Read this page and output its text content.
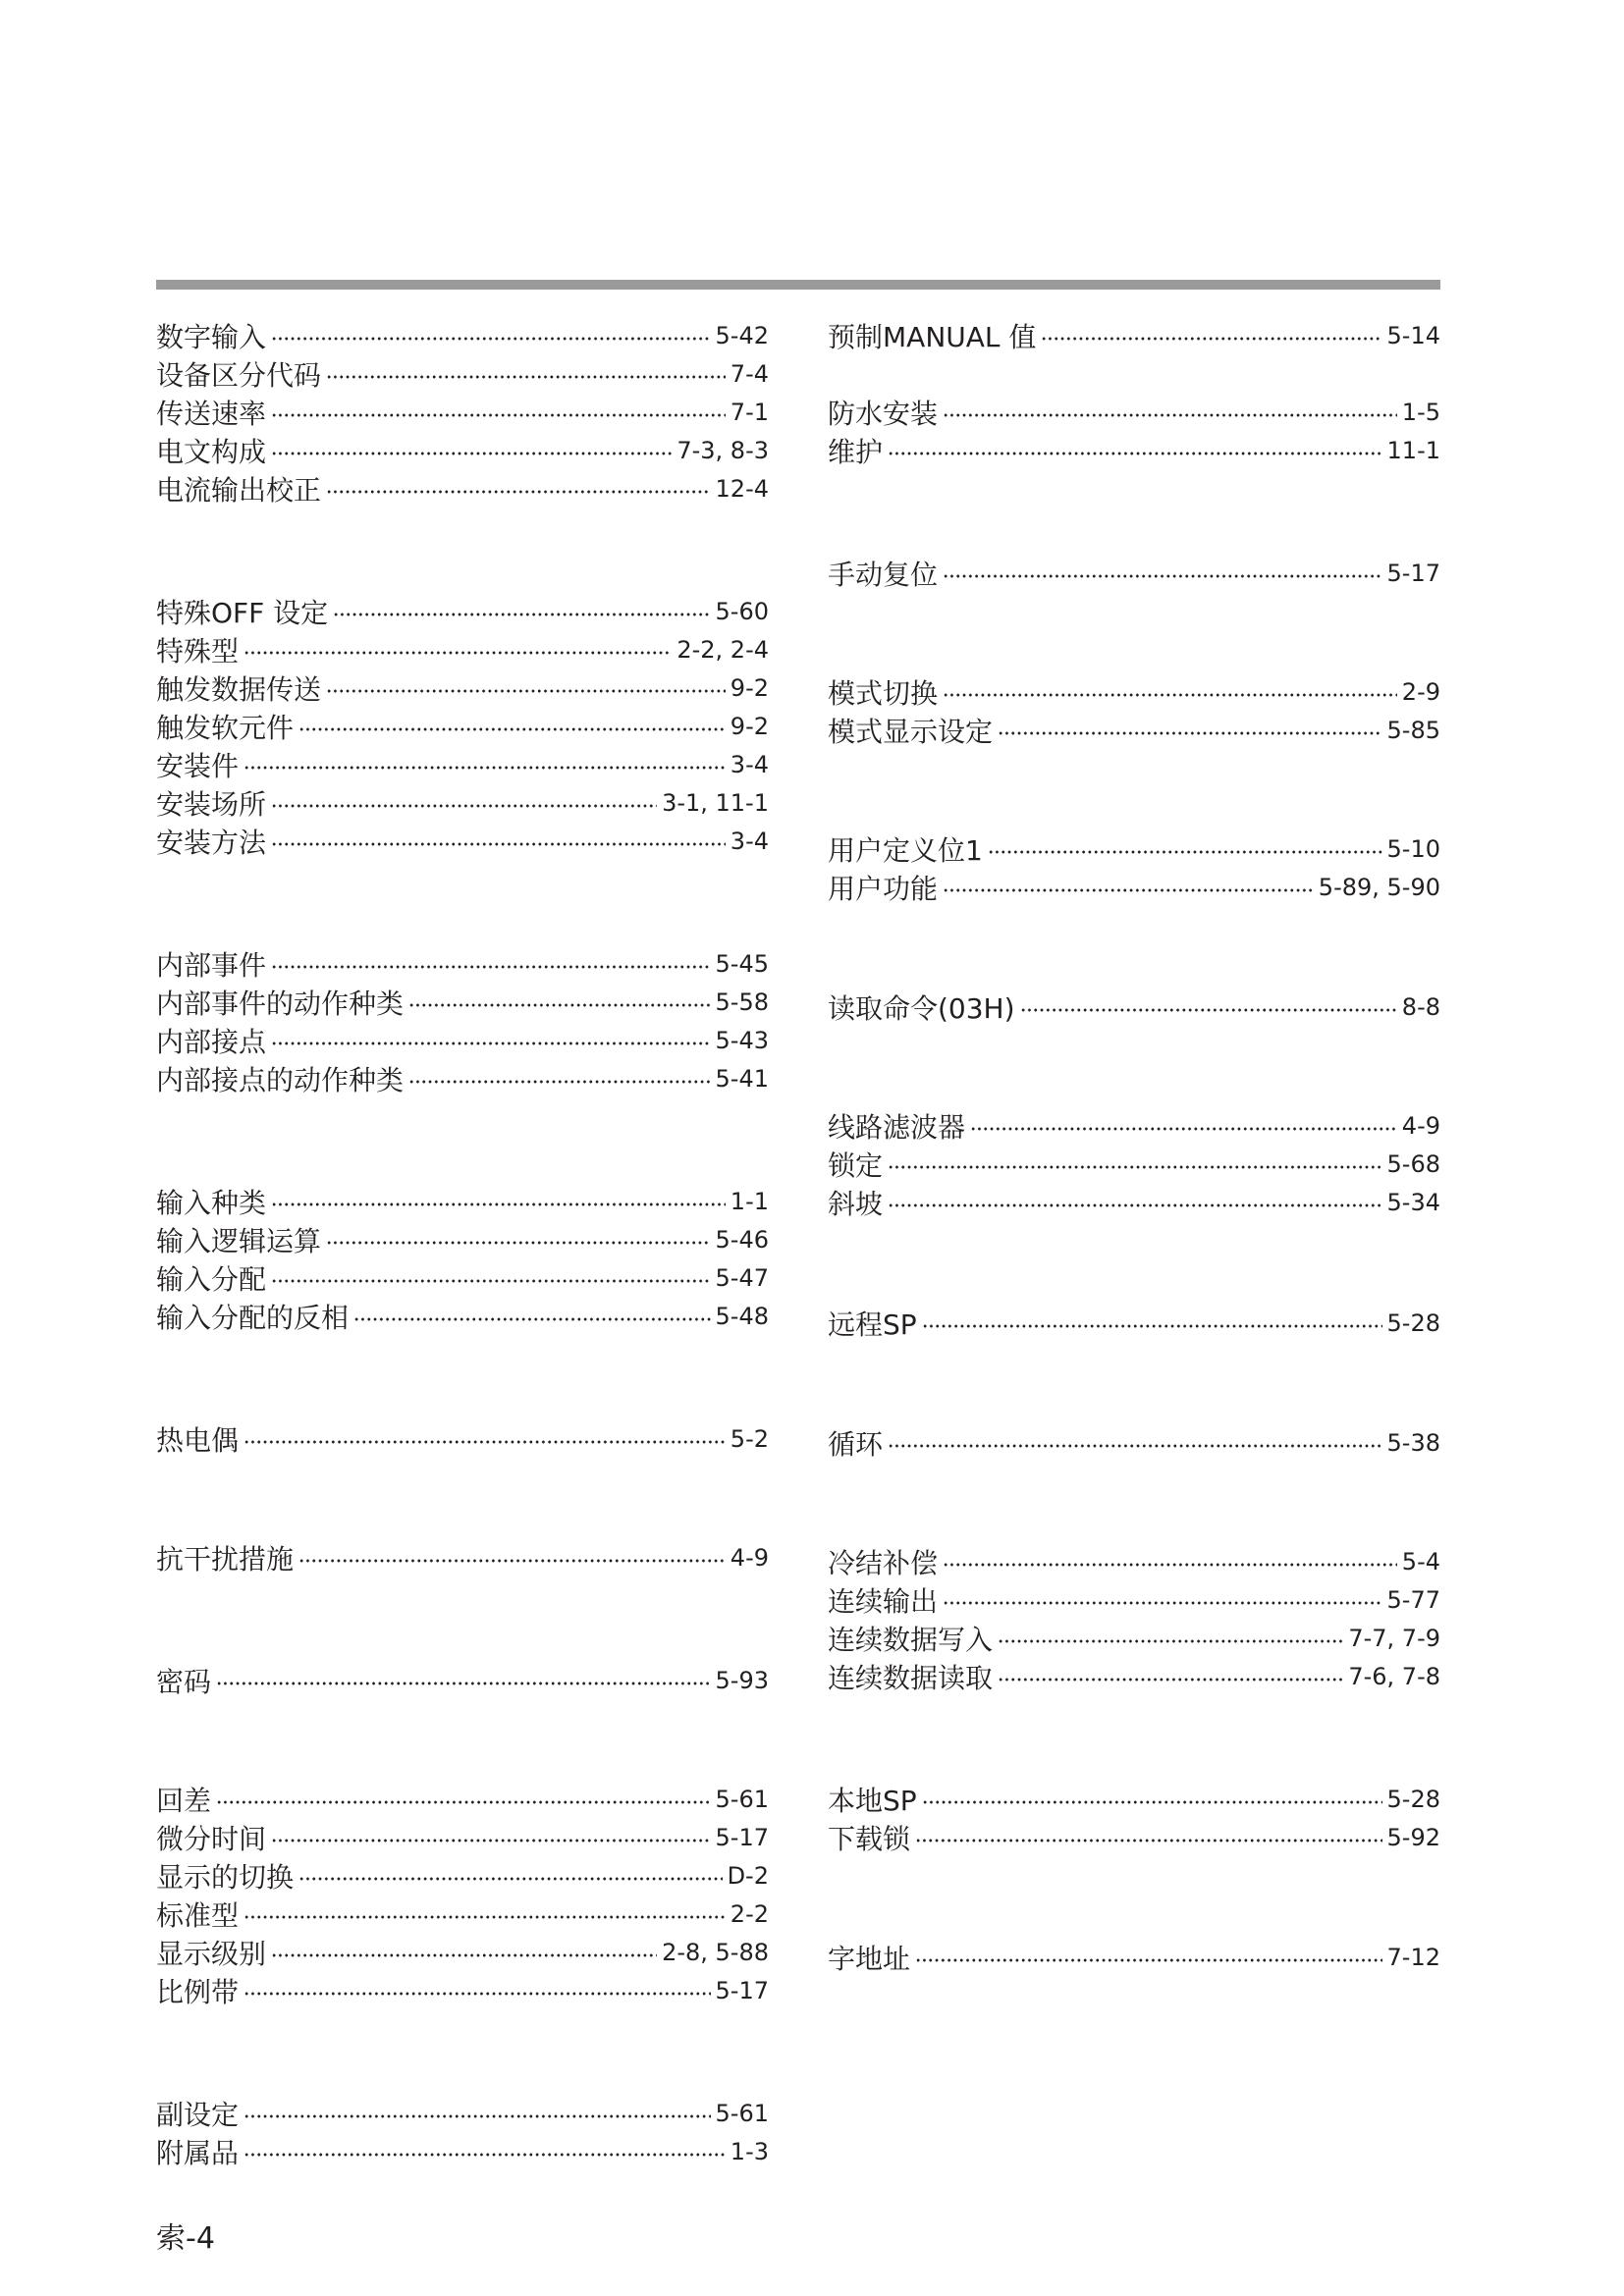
数字输入	5-42
设备区分代码	7-4
传送速率	7-1
电文构成	7-3, 8-3
电流输出校正	12-4
特殊OFF 设定	5-60
特殊型	2-2, 2-4
触发数据传送	9-2
触发软元件	9-2
安装件	3-4
安装场所	3-1, 11-1
安装方法	3-4
内部事件	5-45
内部事件的动作种类	5-58
内部接点	5-43
内部接点的动作种类	5-41
输入种类	1-1
输入逻辑运算	5-46
输入分配	5-47
输入分配的反相	5-48
热电偶	5-2
抗干扰措施	4-9
密码	5-93
回差	5-61
微分时间	5-17
显示的切换	D-2
标准型	2-2
显示级别	2-8, 5-88
比例带	5-17
副设定	5-61
附属品	1-3
预制MANUAL 值	5-14
防水安装	1-5
维护	11-1
手动复位	5-17
模式切换	2-9
模式显示设定	5-85
用户定义位1	5-10
用户功能	5-89, 5-90
读取命令(03H)	8-8
线路滤波器	4-9
锁定	5-68
斜坡	5-34
远程SP	5-28
循环	5-38
冷结补偿	5-4
连续输出	5-77
连续数据写入	7-7, 7-9
连续数据读取	7-6, 7-8
本地SP	5-28
下载锁	5-92
字地址	7-12
索-4
